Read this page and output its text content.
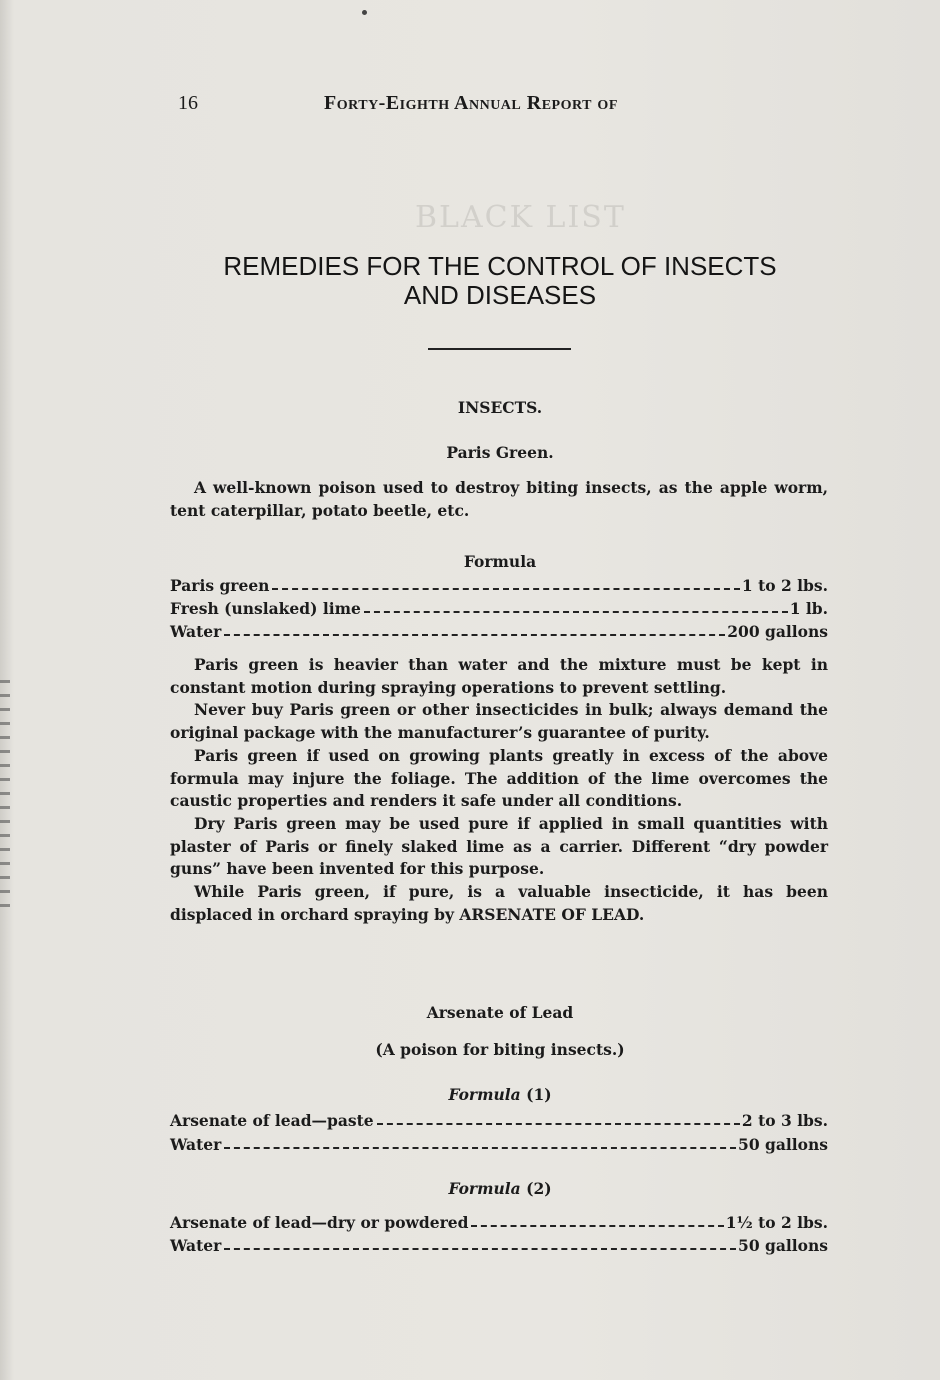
BLACK LIST
16	Forty-Eighth Annual Report of
REMEDIES FOR THE CONTROL OF INSECTS
AND DISEASES
INSECTS.
Paris Green.

A well-known poison used to destroy biting insects, as the apple worm, tent caterpillar, potato beetle, etc.

Formula
Paris green	1 to 2 lbs.
Fresh (unslaked) lime	1 lb.
Water	200 gallons

Paris green is heavier than water and the mixture must be kept in constant motion during spraying operations to prevent settling.

Never buy Paris green or other insecticides in bulk; always demand the original package with the manufacturer’s guarantee of purity.

Paris green if used on growing plants greatly in excess of the above formula may injure the foliage. The addition of the lime overcomes the caustic properties and renders it safe under all conditions.

Dry Paris green may be used pure if applied in small quantities with plaster of Paris or finely slaked lime as a carrier. Different “dry powder guns” have been invented for this purpose.

While Paris green, if pure, is a valuable insecticide, it has been displaced in orchard spraying by ARSENATE OF LEAD.

Arsenate of Lead
(A poison for biting insects.)
Formula (1)
Arsenate of lead—paste	2 to 3 lbs.
Water	50 gallons
Formula (2)
Arsenate of lead—dry or powdered	1½ to 2 lbs.
Water	50 gallons
